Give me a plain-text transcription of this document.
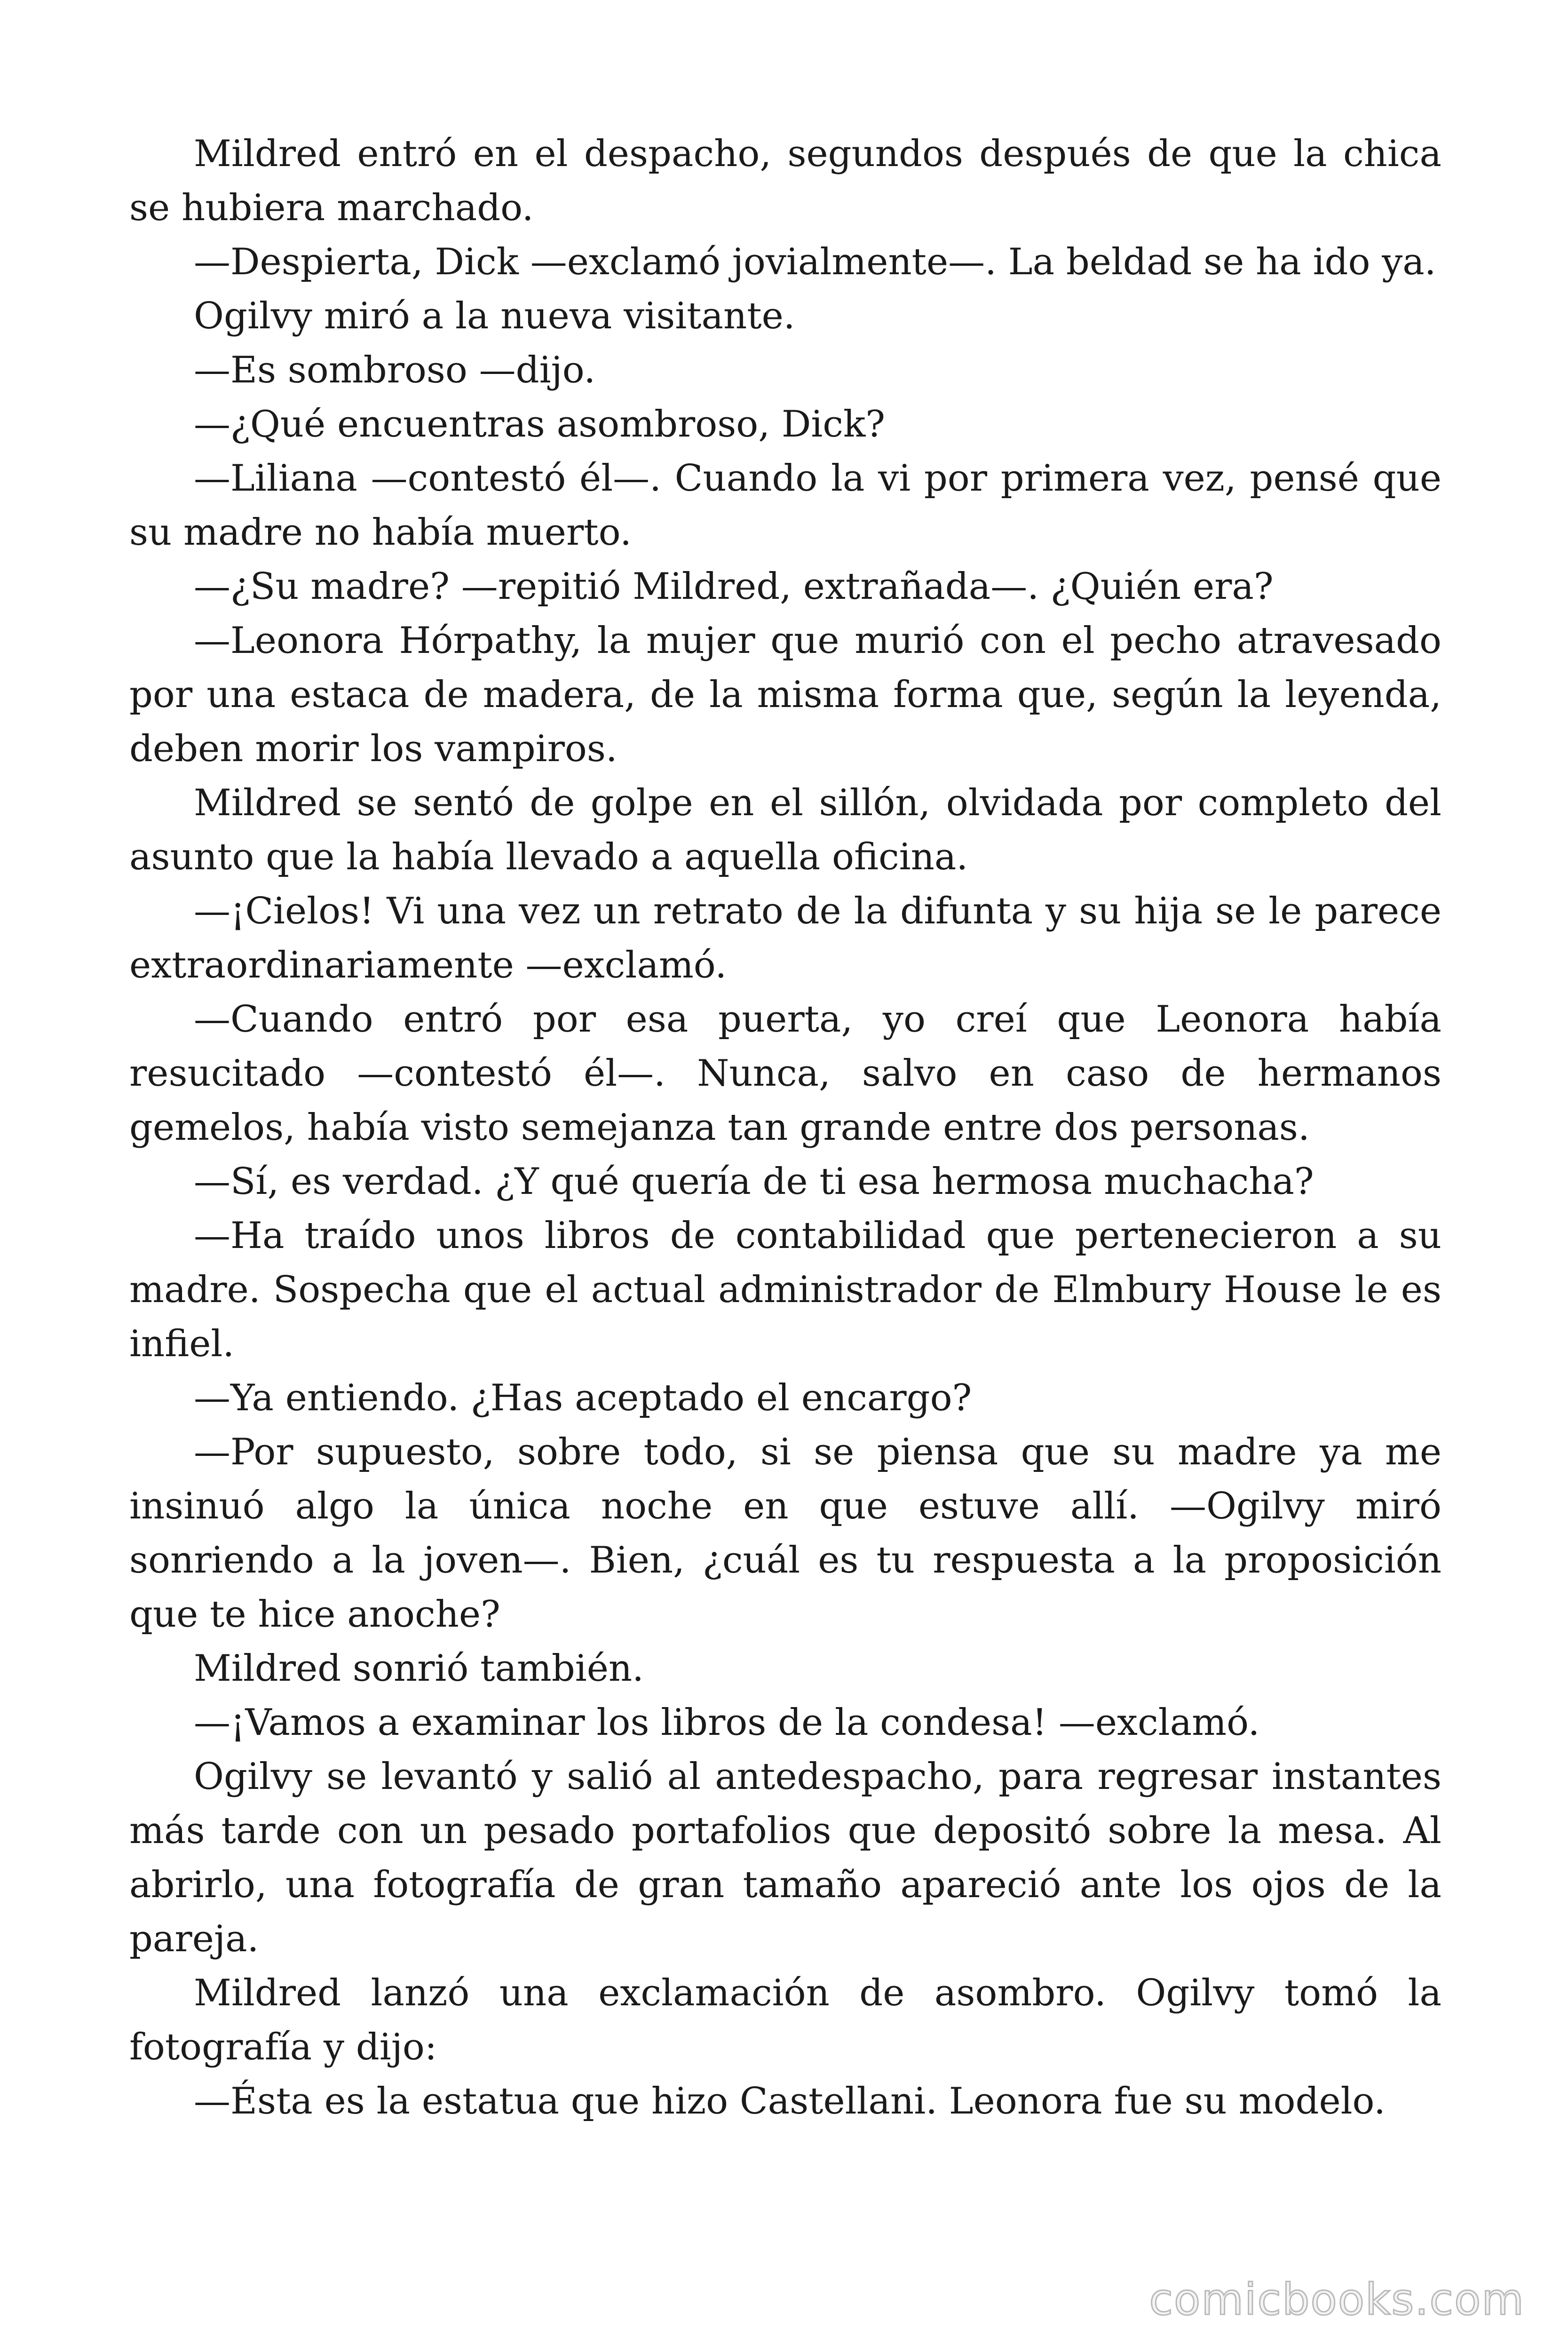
Mildred entró en el despacho, segundos después de que la chica se hubiera marchado.

—Despierta, Dick —exclamó jovialmente—. La beldad se ha ido ya.

Ogilvy miró a la nueva visitante.

—Es sombroso —dijo.

—¿Qué encuentras asombroso, Dick?

—Liliana —contestó él—. Cuando la vi por primera vez, pensé que su madre no había muerto.

—¿Su madre? —repitió Mildred, extrañada—. ¿Quién era?

—Leonora Hórpathy, la mujer que murió con el pecho atravesado por una estaca de madera, de la misma forma que, según la leyenda, deben morir los vampiros.

Mildred se sentó de golpe en el sillón, olvidada por completo del asunto que la había llevado a aquella oficina.

—¡Cielos! Vi una vez un retrato de la difunta y su hija se le parece extraordinariamente —exclamó.

—Cuando entró por esa puerta, yo creí que Leonora había resucitado —contestó él—. Nunca, salvo en caso de hermanos gemelos, había visto semejanza tan grande entre dos personas.

—Sí, es verdad. ¿Y qué quería de ti esa hermosa muchacha?

—Ha traído unos libros de contabilidad que pertenecieron a su madre. Sospecha que el actual administrador de Elmbury House le es infiel.

—Ya entiendo. ¿Has aceptado el encargo?

—Por supuesto, sobre todo, si se piensa que su madre ya me insinuó algo la única noche en que estuve allí. —Ogilvy miró sonriendo a la joven—. Bien, ¿cuál es tu respuesta a la proposición que te hice anoche?

Mildred sonrió también.

—¡Vamos a examinar los libros de la condesa! —exclamó.

Ogilvy se levantó y salió al antedespacho, para regresar instantes más tarde con un pesado portafolios que depositó sobre la mesa. Al abrirlo, una fotografía de gran tamaño apareció ante los ojos de la pareja.

Mildred lanzó una exclamación de asombro. Ogilvy tomó la fotografía y dijo:

—Ésta es la estatua que hizo Castellani. Leonora fue su modelo.

comicbooks.com
